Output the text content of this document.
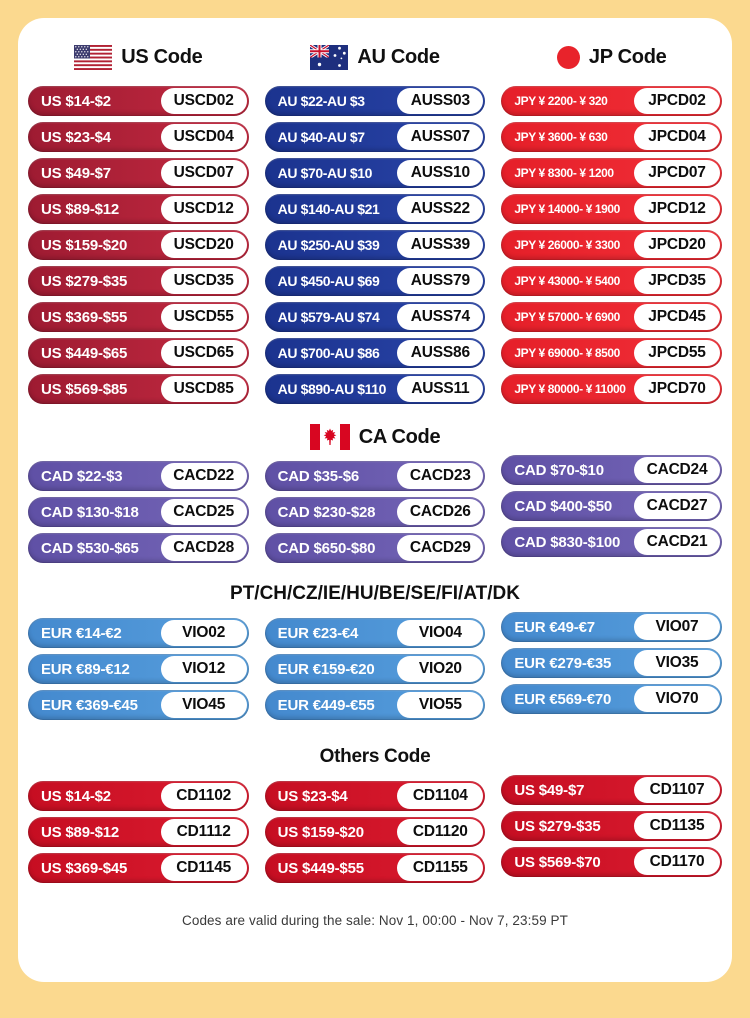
US Code
US $14-$2	USCD02
US $23-$4	USCD04
US $49-$7	USCD07
US $89-$12	USCD12
US $159-$20	USCD20
US $279-$35	USCD35
US $369-$55	USCD55
US $449-$65	USCD65
US $569-$85	USCD85
AU Code
AU $22-AU $3	AUSS03
AU $40-AU $7	AUSS07
AU $70-AU $10	AUSS10
AU $140-AU $21	AUSS22
AU $250-AU $39	AUSS39
AU $450-AU $69	AUSS79
AU $579-AU $74	AUSS74
AU $700-AU $86	AUSS86
AU $890-AU $110	AUSS11
JP Code
JPY ¥ 2200- ¥ 320	JPCD02
JPY ¥ 3600- ¥ 630	JPCD04
JPY ¥ 8300- ¥ 1200	JPCD07
JPY ¥ 14000- ¥ 1900	JPCD12
JPY ¥ 26000- ¥ 3300	JPCD20
JPY ¥ 43000- ¥ 5400	JPCD35
JPY ¥ 57000- ¥ 6900	JPCD45
JPY ¥ 69000- ¥ 8500	JPCD55
JPY ¥ 80000- ¥ 11000	JPCD70
CA Code
CAD $22-$3	CACD22	CAD $35-$6	CACD23	CAD $70-$10	CACD24
CAD $130-$18	CACD25	CAD $230-$28	CACD26	CAD $400-$50	CACD27
CAD $530-$65	CACD28	CAD $650-$80	CACD29	CAD $830-$100	CACD21
PT/CH/CZ/IE/HU/BE/SE/FI/AT/DK
EUR €14-€2	VIO02	EUR €23-€4	VIO04	EUR €49-€7	VIO07
EUR €89-€12	VIO12	EUR €159-€20	VIO20	EUR €279-€35	VIO35
EUR €369-€45	VIO45	EUR €449-€55	VIO55	EUR €569-€70	VIO70
Others Code
US $14-$2	CD1102	US $23-$4	CD1104	US $49-$7	CD1107
US $89-$12	CD1112	US $159-$20	CD1120	US $279-$35	CD1135
US $369-$45	CD1145	US $449-$55	CD1155	US $569-$70	CD1170
Codes are valid during the sale: Nov 1, 00:00 - Nov 7, 23:59 PT
